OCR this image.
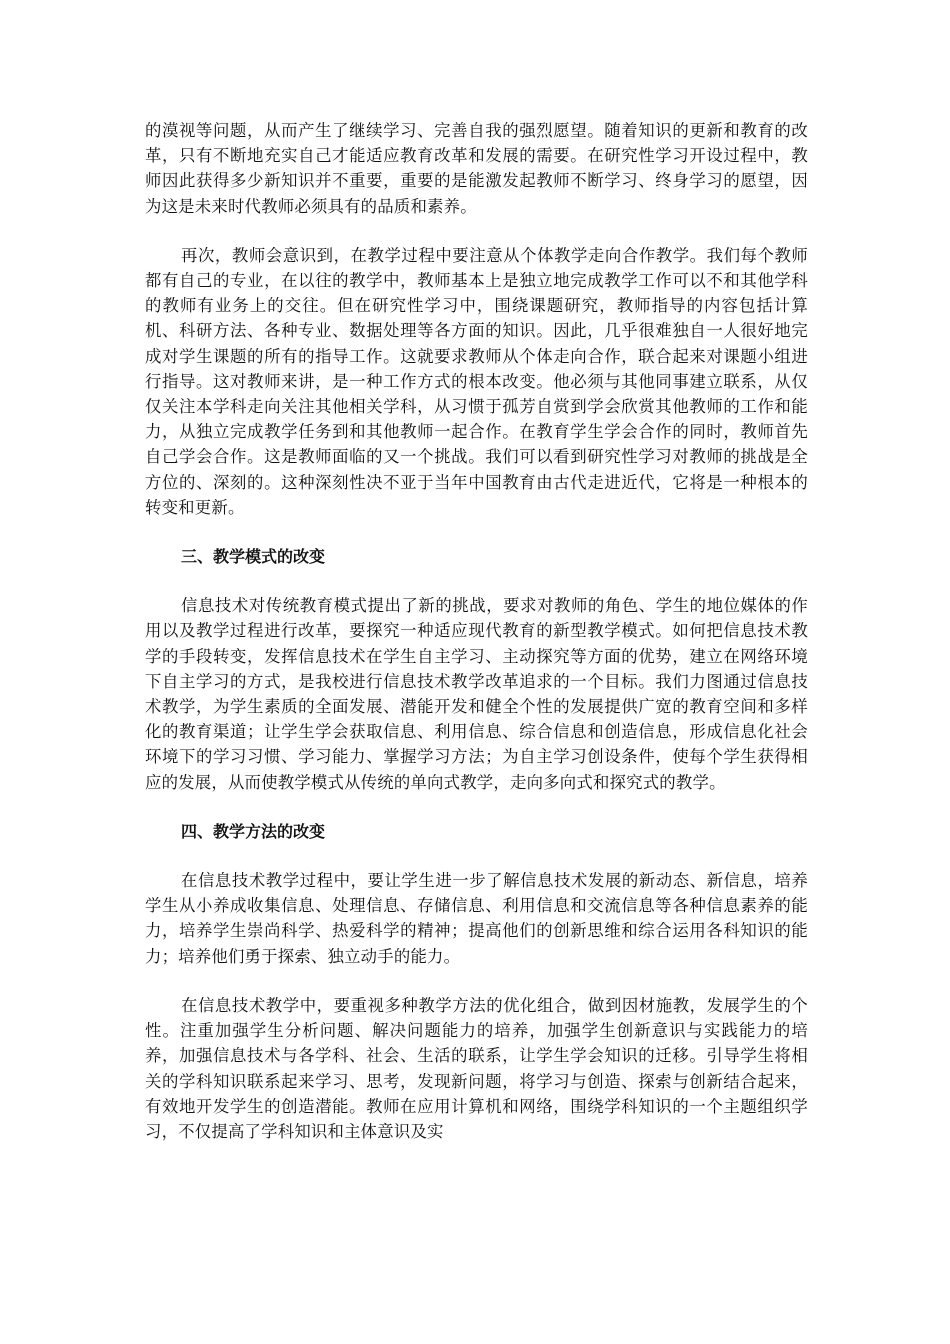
的漠视等问题，从而产生了继续学习、完善自我的强烈愿望。随着知识的更新和教育的改革，只有不断地充实自己才能适应教育改革和发展的需要。在研究性学习开设过程中，教师因此获得多少新知识并不重要，重要的是能激发起教师不断学习、终身学习的愿望，因为这是未来时代教师必须具有的品质和素养。

再次，教师会意识到，在教学过程中要注意从个体教学走向合作教学。我们每个教师都有自己的专业，在以往的教学中，教师基本上是独立地完成教学工作可以不和其他学科的教师有业务上的交往。但在研究性学习中，围绕课题研究，教师指导的内容包括计算机、科研方法、各种专业、数据处理等各方面的知识。因此，几乎很难独自一人很好地完成对学生课题的所有的指导工作。这就要求教师从个体走向合作，联合起来对课题小组进行指导。这对教师来讲，是一种工作方式的根本改变。他必须与其他同事建立联系，从仅仅关注本学科走向关注其他相关学科，从习惯于孤芳自赏到学会欣赏其他教师的工作和能力，从独立完成教学任务到和其他教师一起合作。在教育学生学会合作的同时，教师首先自己学会合作。这是教师面临的又一个挑战。我们可以看到研究性学习对教师的挑战是全方位的、深刻的。这种深刻性决不亚于当年中国教育由古代走进近代，它将是一种根本的转变和更新。

三、教学模式的改变

信息技术对传统教育模式提出了新的挑战，要求对教师的角色、学生的地位媒体的作用以及教学过程进行改革，要探究一种适应现代教育的新型教学模式。如何把信息技术教学的手段转变，发挥信息技术在学生自主学习、主动探究等方面的优势，建立在网络环境下自主学习的方式，是我校进行信息技术教学改革追求的一个目标。我们力图通过信息技术教学，为学生素质的全面发展、潜能开发和健全个性的发展提供广宽的教育空间和多样化的教育渠道；让学生学会获取信息、利用信息、综合信息和创造信息，形成信息化社会环境下的学习习惯、学习能力、掌握学习方法；为自主学习创设条件，使每个学生获得相应的发展，从而使教学模式从传统的单向式教学，走向多向式和探究式的教学。

四、教学方法的改变

在信息技术教学过程中，要让学生进一步了解信息技术发展的新动态、新信息，培养学生从小养成收集信息、处理信息、存储信息、利用信息和交流信息等各种信息素养的能力，培养学生崇尚科学、热爱科学的精神；提高他们的创新思维和综合运用各科知识的能力；培养他们勇于探索、独立动手的能力。

在信息技术教学中，要重视多种教学方法的优化组合，做到因材施教，发展学生的个性。注重加强学生分析问题、解决问题能力的培养，加强学生创新意识与实践能力的培养，加强信息技术与各学科、社会、生活的联系，让学生学会知识的迁移。引导学生将相关的学科知识联系起来学习、思考，发现新问题，将学习与创造、探索与创新结合起来，有效地开发学生的创造潜能。教师在应用计算机和网络，围绕学科知识的一个主题组织学习，不仅提高了学科知识和主体意识及实
